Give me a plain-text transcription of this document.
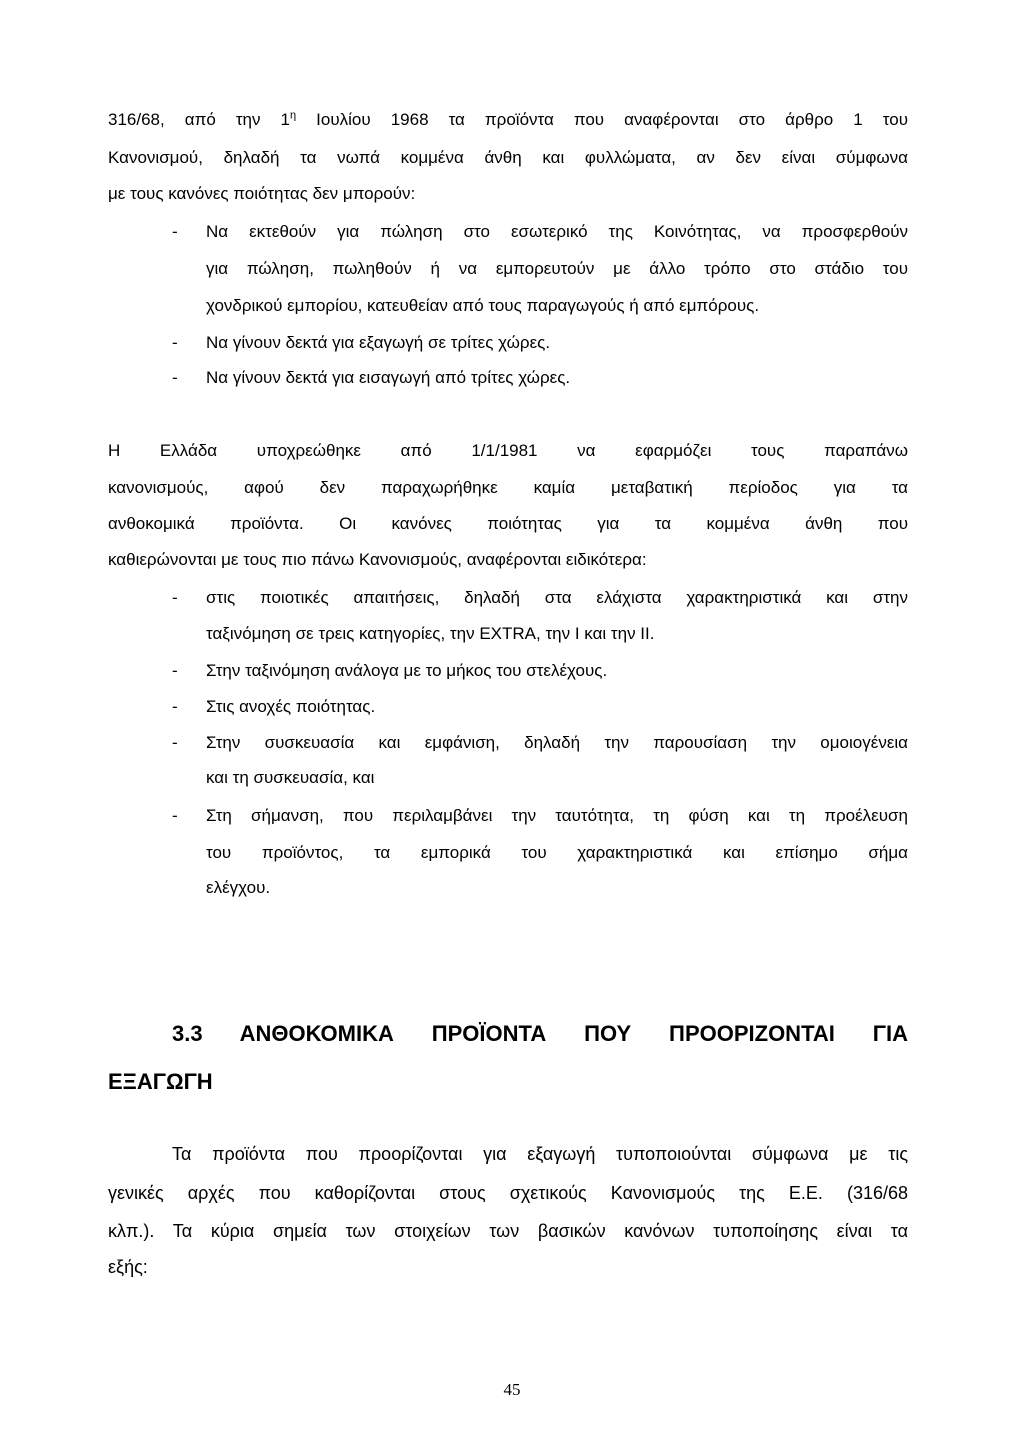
316/68, από την $1^\eta$ Ιουλίου 1968 τα προϊόντα που αναφέρονται στο άρθρο 1 του
Κανονισμού, δηλαδή τα νωπά κομμένα άνθη και φυλλώματα, αν δεν είναι σύμφωνα
με τους κανόνες ποιότητας δεν μπορούν:
- Να εκτεθούν για πώληση στο εσωτερικό της Κοινότητας, να προσφερθούν
για πώληση, πωληθούν ή να εμπορευτούν με άλλο τρόπο στο στάδιο του
χονδρικού εμπορίου, κατευθείαν από τους παραγωγούς ή από εμπόρους.
- Να γίνουν δεκτά για εξαγωγή σε τρίτες χώρες.
- Να γίνουν δεκτά για εισαγωγή από τρίτες χώρες.
Η Ελλάδα υποχρεώθηκε από 1/1/1981 να εφαρμόζει τους παραπάνω
κανονισμούς, αφού δεν παραχωρήθηκε καμία μεταβατική περίοδος για τα
ανθοκομικά προϊόντα. Οι κανόνες ποιότητας για τα κομμένα άνθη που
καθιερώνονται με τους πιο πάνω Κανονισμούς, αναφέρονται ειδικότερα:
- στις ποιοτικές απαιτήσεις, δηλαδή στα ελάχιστα χαρακτηριστικά και στην
ταξινόμηση σε τρεις κατηγορίες, την EXTRA, την I και την II.
- Στην ταξινόμηση ανάλογα με το μήκος του στελέχους.
- Στις ανοχές ποιότητας.
- Στην συσκευασία και εμφάνιση, δηλαδή την παρουσίαση την ομοιογένεια
και τη συσκευασία, και
- Στη σήμανση, που περιλαμβάνει την ταυτότητα, τη φύση και τη προέλευση
του προϊόντος, τα εμπορικά του χαρακτηριστικά και επίσημο σήμα
ελέγχου.
3.3 ΑΝΘΟΚΟΜΙΚΑ ΠΡΟΪΟΝΤΑ ΠΟΥ ΠΡΟΟΡΙΖΟΝΤΑΙ ΓΙΑ
ΕΞΑΓΩΓΗ
Τα προϊόντα που προορίζονται για εξαγωγή τυποποιούνται σύμφωνα με τις
γενικές αρχές που καθορίζονται στους σχετικούς Κανονισμούς της Ε.Ε. (316/68
κλπ.). Τα κύρια σημεία των στοιχείων των βασικών κανόνων τυποποίησης είναι τα
εξής:
45
